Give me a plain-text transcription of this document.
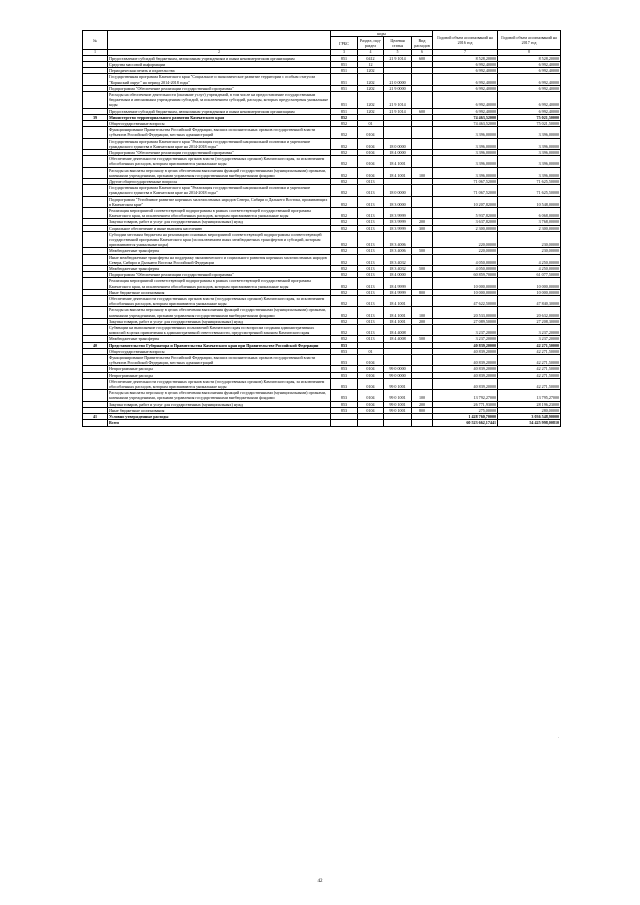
№		коды				Годовой объем ассигнований на 2016 год	Годовой объем ассигнований на 2017 год
		ГРБС	Раздел, под-раздел	Целевая статья	Вид расходов		
1	2	3	4	5	6	7	8
	Предоставление субсидий бюджетным, автономным учреждениям и иным некоммерческим организациям	851	0412	21 9 1014	600	8 528,20000	8 528,20000
	Средства массовой информации	851	12			6 992,40000	6 992,40000
	Периодическая печать и издательства	851	1202			6 992,40000	6 992,40000
	Государственная программа Камчатского края "Социальное и экономическое развитие территории с особым статусом "Корякский округ" на период 2014-2018 годы"	851	1202	21 0 0000		6 992,40000	6 992,40000
	Подпрограмма "Обеспечение реализации государственной программы"	851	1202	21 9 0000		6 992,40000	6 992,40000
	Расходы на обеспечение деятельности (оказание услуг) учреждений, в том числе на предоставление государственным бюджетным и автономным учреждениям субсидий, за исключением субсидий, расходы, которых предусмотрены уникальные коды	851	1202	21 9 1014		6 992,40000	6 992,40000
	Предоставление субсидий бюджетным, автономным учреждениям и иным некоммерческим организациям	851	1202	21 9 1014	600	6 992,40000	6 992,40000
39	Министерство территориального развития Камчатского края	852				74 463,52000	75 021,50000
	Общегосударственные вопросы	852	01			74 463,52000	75 021,50000
	Функционирование Правительства Российской Федерации, высших исполнительных органов государственной власти субъектов Российской Федерации, местных администраций	852	0104			3 396,00000	3 396,00000
	Государственная программа Камчатского края "Реализация государственной национальной политики и укрепление гражданского единства в Камчатском крае на 2014-2018 годы"	852	0104	18 0 0000		3 396,00000	3 396,00000
	Подпрограмма "Обеспечение реализации государственной программы"	852	0104	18 4 0000		3 396,00000	3 396,00000
	Обеспечение деятельности государственных органов власти (государственных органов) Камчатского края, за исключением обособленных расходов, которым присваиваются уникальные коды	852	0104	18 4 1001		3 396,00000	3 396,00000
	Расходы на выплаты персоналу в целях обеспечения выполнения функций государственными (муниципальными) органами, казенными учреждениями, органами управления государственными внебюджетными фондами	852	0104	18 4 1001	100	3 396,00000	3 396,00000
	Другие общегосударственные вопросы	852	0113			71 067,52000	71 625,50000
	Государственная программа Камчатского края "Реализация государственной национальной политики и укрепление гражданского единства в Камчатском крае на 2014-2018 годы"	852	0113	18 0 0000		71 067,52000	71 625,50000
	Подпрограмма "Устойчивое развитие коренных малочисленных народов Севера, Сибири и Дальнего Востока, проживающих в Камчатском крае"	852	0113	18 3 0000		10 207,82000	10 548,00000
	Реализация мероприятий соответствующей подпрограммы в рамках соответствующей государственной программы Камчатского края, за исключением обособленных расходов, которым присваиваются уникальные коды	852	0113	18 3 9999		5 937,82000	6 068,00000
	Закупка товаров, работ и услуг для государственных (муниципальных) нужд	852	0113	18 3 9999	200	3 637,82000	3 768,00000
	Социальное обеспечение и иные выплаты населению	852	0113	18 3 9999	300	2 300,00000	2 300,00000
	Субсидии местным бюджетам на реализацию основных мероприятий соответствующей подпрограммы соответствующей государственной программы Камчатского края (за исключением иных межбюджетных трансфертов и субсидий, которым присваиваются уникальные коды)	852	0113	18 3 4006		220,00000	230,00000
	Межбюджетные трансферты	852	0113	18 3 4006	500	220,00000	230,00000
	Иные межбюджетные трансферты на поддержку экономического и социального развития коренных малочисленных народов Севера, Сибири и Дальнего Востока Российской Федерации	852	0113	18 3 4032		4 050,00000	4 250,00000
	Межбюджетные трансферты	852	0113	18 3 4032	500	4 050,00000	4 250,00000
	Подпрограмма "Обеспечение реализации государственной программы"	852	0113	18 4 0000		60 859,70000	61 077,50000
	Реализация мероприятий соответствующей подпрограммы в рамках соответствующей государственной программы Камчатского края, за исключением обособленных расходов, которым присваиваются уникальные коды	852	0113	18 4 9999		10 000,00000	10 000,00000
	Иные бюджетные ассигнования	852	0113	18 4 9999	800	10 000,00000	10 000,00000
	Обеспечение деятельности государственных органов власти (государственных органов) Камчатского края, за исключением обособленных расходов, которым присваиваются уникальные коды	852	0113	18 4 1001		47 622,50000	47 840,30000
	Расходы на выплаты персоналу в целях обеспечения выполнения функций государственными (муниципальными) органами, казенными учреждениями, органами управления государственными внебюджетными фондами	852	0113	18 4 1001	100	20 533,00000	20 632,00000
	Закупка товаров, работ и услуг для государственных (муниципальных) нужд	852	0113	18 4 1001	200	27 089,50000	27 208,30000
	Субвенции на выполнение государственных полномочий Камчатского края по вопросам создания административных комиссий в целях привлечения к административной ответственности, предусмотренной законом Камчатского края	852	0113	18 4 4008		3 237,20000	3 237,20000
	Межбюджетные трансферты	852	0113	18 4 4008	500	3 237,20000	3 237,20000
40	Представительство Губернатора и Правительства Камчатского края при Правительстве Российской Федерации	853				40 839,20000	42 271,50000
	Общегосударственные вопросы	853	01			40 839,20000	42 271,50000
	Функционирование Правительства Российской Федерации, высших исполнительных органов государственной власти субъектов Российской Федерации, местных администраций	853	0104			40 839,20000	42 271,50000
	Непрограммные расходы	853	0104	99 0 0000		40 839,20000	42 271,50000
	Непрограммные расходы	853	0104	99 0 0000		40 839,20000	42 271,50000
	Обеспечение деятельности государственных органов власти (государственных органов) Камчатского края, за исключением обособленных расходов, которым присваиваются уникальные коды	853	0104	99 0 1001		40 839,20000	42 271,50000
	Расходы на выплаты персоналу в целях обеспечения выполнения функций государственными (муниципальными) органами, казенными учреждениями, органами управления государственными внебюджетными фондами	853	0104	99 0 1001	100	13 792,27000	13 795,27000
	Закупка товаров, работ и услуг для государственных (муниципальных) нужд	853	0104	99 0 1001	200	26 771,93000	28 196,23000
	Иные бюджетные ассигнования	853	0104	99 0 1001	800	275,00000	280,00000
41	Условно утвержденные расходы					1 428 760,70000	3 036 548,90000
	Всего					60 523 662,17441	54 425 998,00810
.
42
